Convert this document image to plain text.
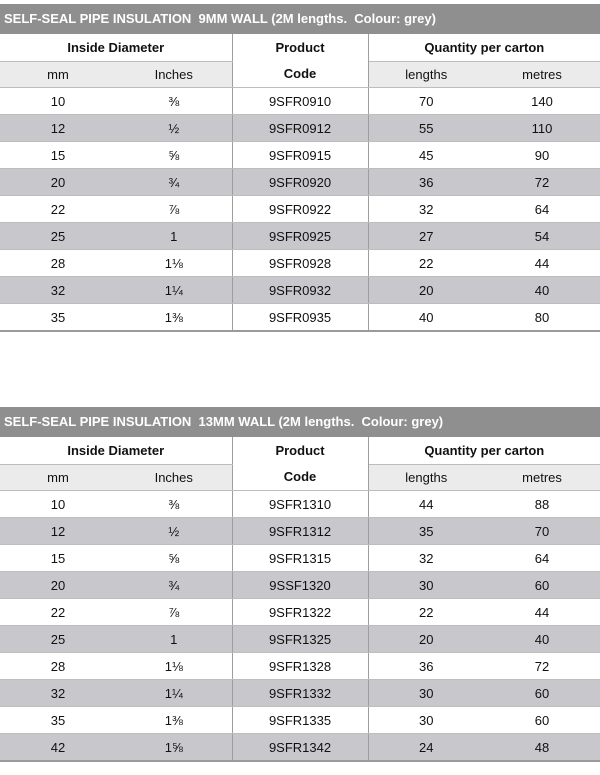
SELF-SEAL PIPE INSULATION  9MM WALL (2M lengths.  Colour: grey)
Inside Diameter		Product
Code	Quantity per carton	
mm	Inches		lengths	metres
10	⅜	9SFR0910	70	140
12	½	9SFR0912	55	110
15	⅝	9SFR0915	45	90
20	¾	9SFR0920	36	72
22	⅞	9SFR0922	32	64
25	1	9SFR0925	27	54
28	1⅛	9SFR0928	22	44
32	1¼	9SFR0932	20	40
35	1⅜	9SFR0935	40	80
SELF-SEAL PIPE INSULATION  13MM WALL (2M lengths.  Colour: grey)
Inside Diameter		Product
Code	Quantity per carton	
mm	Inches		lengths	metres
10	⅜	9SFR1310	44	88
12	½	9SFR1312	35	70
15	⅝	9SFR1315	32	64
20	¾	9SSF1320	30	60
22	⅞	9SFR1322	22	44
25	1	9SFR1325	20	40
28	1⅛	9SFR1328	36	72
32	1¼	9SFR1332	30	60
35	1⅜	9SFR1335	30	60
42	1⅝	9SFR1342	24	48
